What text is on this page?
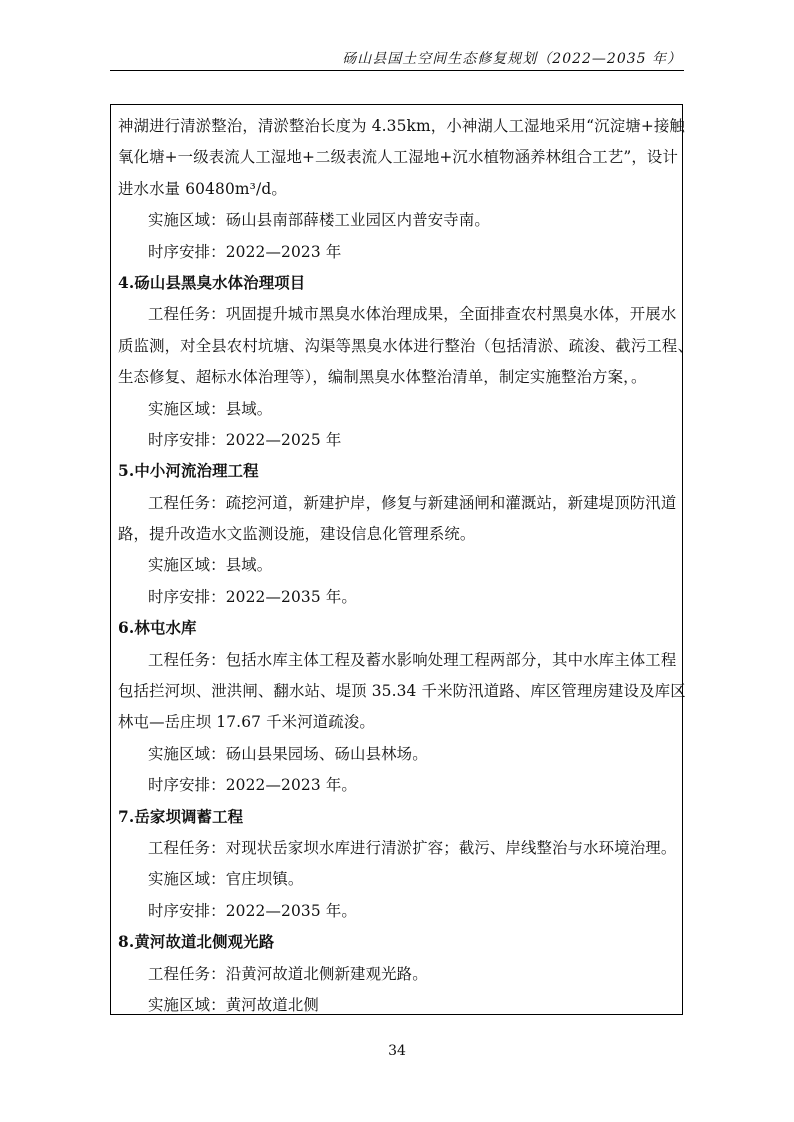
砀山县国土空间生态修复规划（2022—2035 年）
神湖进行清淤整治，清淤整治长度为 4.35km，小神湖人工湿地采用“沉淀塘+接触
氧化塘+一级表流人工湿地+二级表流人工湿地+沉水植物涵养林组合工艺”，设计
进水水量 60480m³/d。
实施区域：砀山县南部薛楼工业园区内普安寺南。
时序安排：2022—2023 年
4.砀山县黑臭水体治理项目
工程任务：巩固提升城市黑臭水体治理成果，全面排查农村黑臭水体，开展水
质监测，对全县农村坑塘、沟渠等黑臭水体进行整治（包括清淤、疏浚、截污工程、
生态修复、超标水体治理等），编制黑臭水体整治清单，制定实施整治方案，。
实施区域：县域。
时序安排：2022—2025 年
5.中小河流治理工程
工程任务：疏挖河道，新建护岸，修复与新建涵闸和灌溉站，新建堤顶防汛道
路，提升改造水文监测设施，建设信息化管理系统。
实施区域：县域。
时序安排：2022—2035 年。
6.林屯水库
工程任务：包括水库主体工程及蓄水影响处理工程两部分，其中水库主体工程
包括拦河坝、泄洪闸、翻水站、堤顶 35.34 千米防汛道路、库区管理房建设及库区
林屯—岳庄坝 17.67 千米河道疏浚。
实施区域：砀山县果园场、砀山县林场。
时序安排：2022—2023 年。
7.岳家坝调蓄工程
工程任务：对现状岳家坝水库进行清淤扩容；截污、岸线整治与水环境治理。
实施区域：官庄坝镇。
时序安排：2022—2035 年。
8.黄河故道北侧观光路
工程任务：沿黄河故道北侧新建观光路。
实施区域：黄河故道北侧
34
